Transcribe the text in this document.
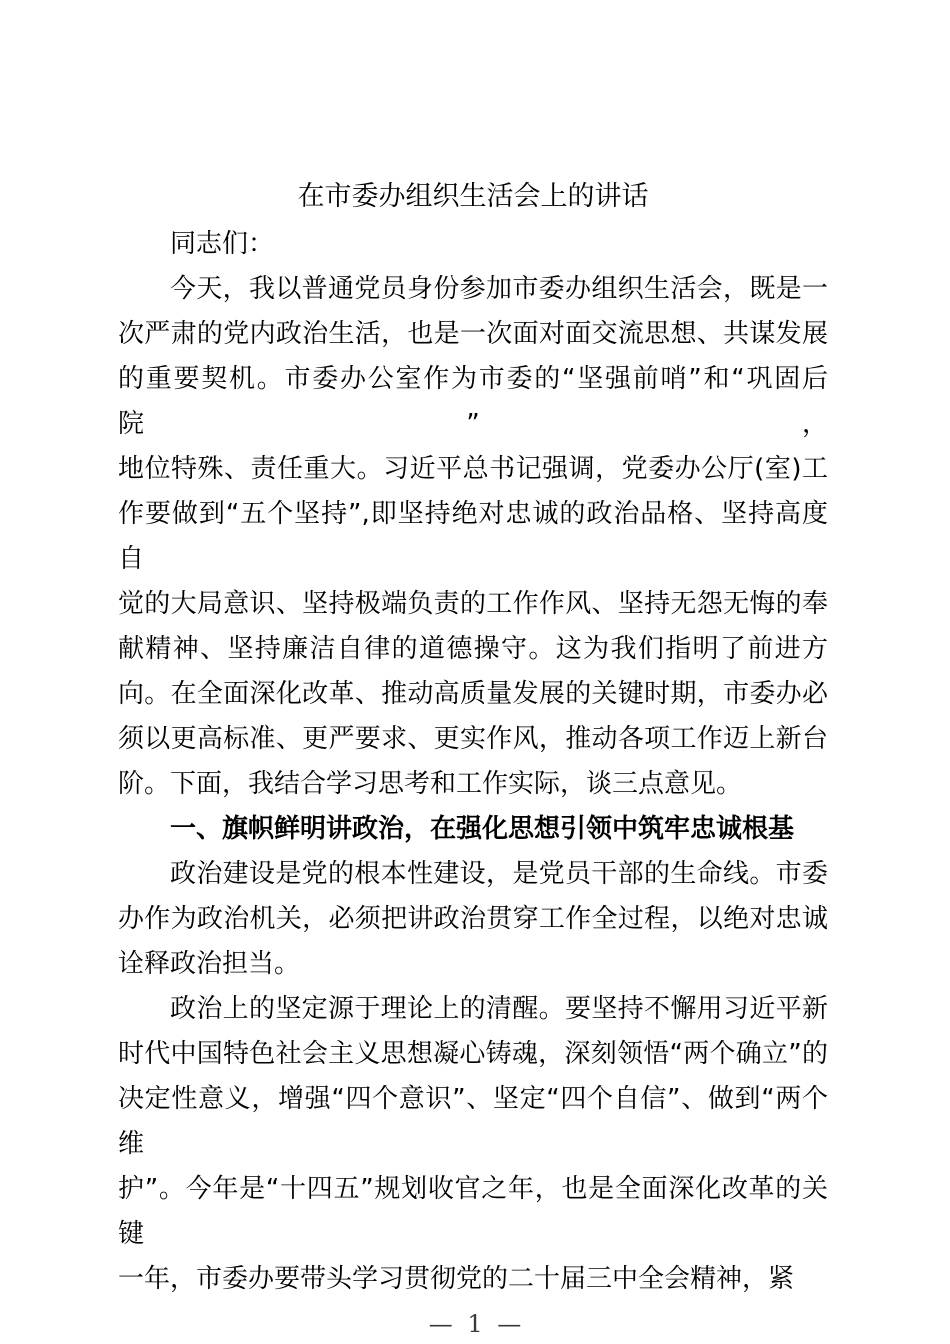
在市委办组织生活会上的讲话
同志们：
今天，我以普通党员身份参加市委办组织生活会，既是一
次严肃的党内政治生活，也是一次面对面交流思想、共谋发展
的重要契机。市委办公室作为市委的“坚强前哨”和“巩固后院”，
地位特殊、责任重大。习近平总书记强调，党委办公厅(室)工
作要做到“五个坚持”,即坚持绝对忠诚的政治品格、坚持高度自
觉的大局意识、坚持极端负责的工作作风、坚持无怨无悔的奉
献精神、坚持廉洁自律的道德操守。这为我们指明了前进方
向。在全面深化改革、推动高质量发展的关键时期，市委办必
须以更高标准、更严要求、更实作风，推动各项工作迈上新台
阶。下面，我结合学习思考和工作实际，谈三点意见。
一、旗帜鲜明讲政治，在强化思想引领中筑牢忠诚根基
政治建设是党的根本性建设，是党员干部的生命线。市委
办作为政治机关，必须把讲政治贯穿工作全过程，以绝对忠诚
诠释政治担当。
政治上的坚定源于理论上的清醒。要坚持不懈用习近平新
时代中国特色社会主义思想凝心铸魂，深刻领悟“两个确立”的
决定性意义，增强“四个意识”、坚定“四个自信”、做到“两个维
护”。今年是“十四五”规划收官之年，也是全面深化改革的关键
一年，市委办要带头学习贯彻党的二十届三中全会精神，紧
— 1 —
